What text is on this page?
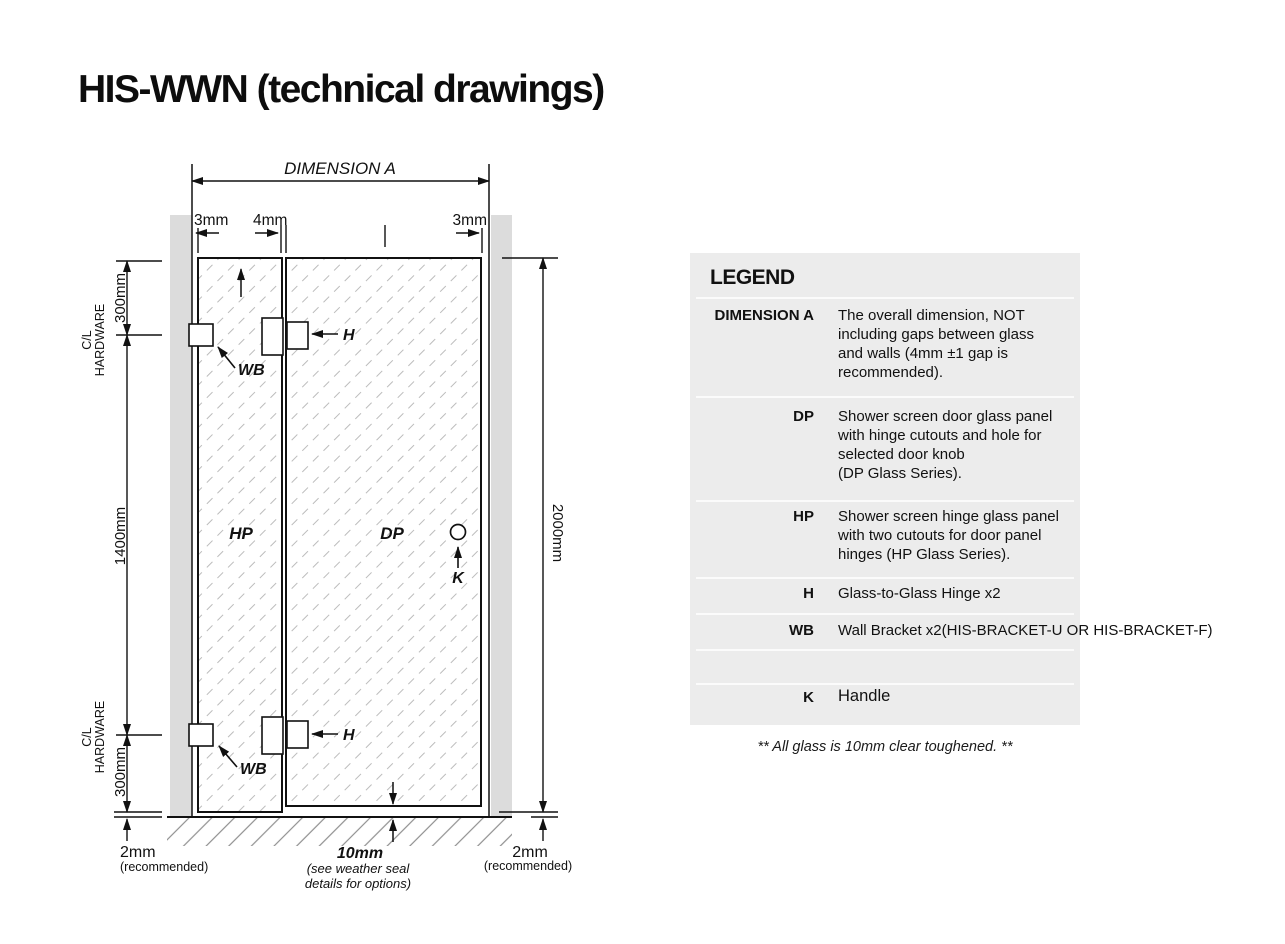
HIS-WWN (technical drawings)
DIMENSION A
3mm 4mm	3mm
300mm
1400mm
300mm
C/LHARDWARE
C/LHARDWARE
2000mm
HP	DP
H
H
WB
WB
K
2mm
(recommended)
10mm
(see weather seal
details for options)
2mm
(recommended)
LEGEND
DIMENSION A The overall dimension, NOT
including gaps between glass
and walls (4mm ±1 gap is
recommended).
DP Shower screen door glass panel
with hinge cutouts and hole for
selected door knob
(DP Glass Series).
HP Shower screen hinge glass panel
with two cutouts for door panel
hinges (HP Glass Series).
H Glass-to-Glass Hinge x2
WB Wall Bracket x2(HIS-BRACKET-U OR HIS-BRACKET-F)
K Handle
** All glass is 10mm clear toughened. **
